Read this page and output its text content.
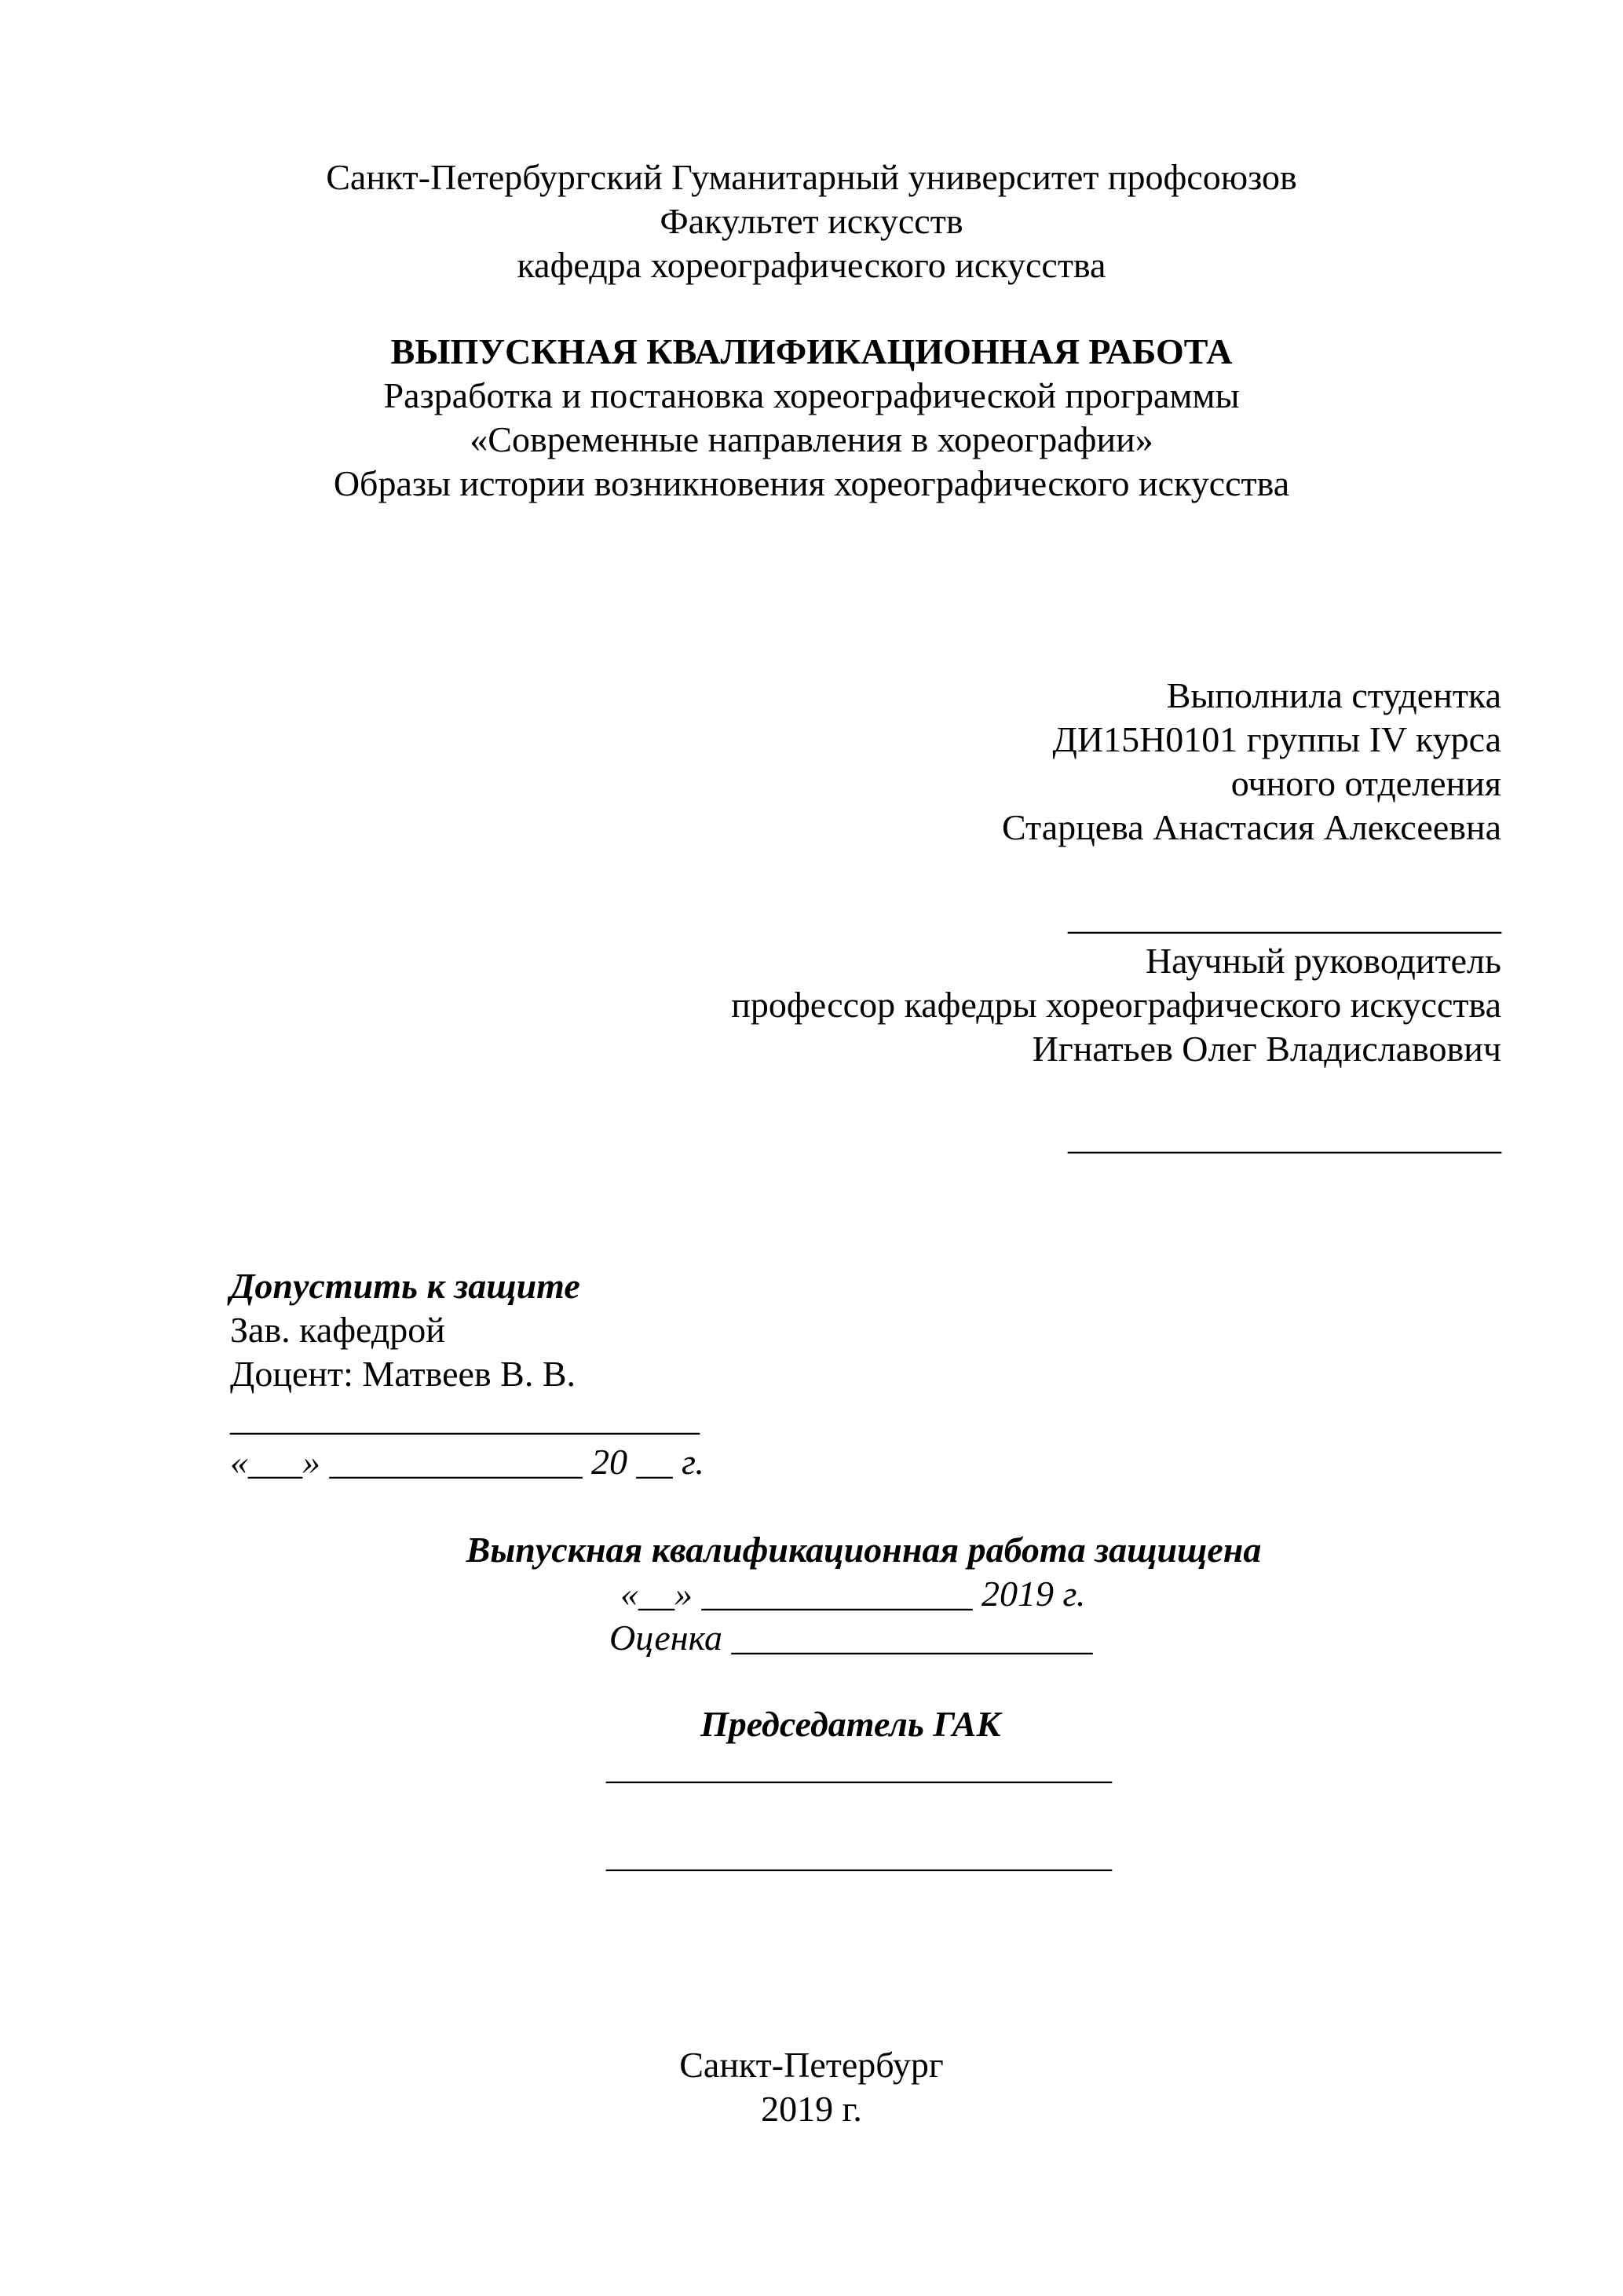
Санкт-Петербургский Гуманитарный университет профсоюзов
Факультет искусств
кафедра хореографического искусства
ВЫПУСКНАЯ КВАЛИФИКАЦИОННАЯ РАБОТА
Разработка и постановка хореографической программы
«Современные направления в хореографии»
Образы истории возникновения хореографического искусства
Выполнила студентка
ДИ15Н0101 группы IV курса
очного отделения
Старцева Анастасия Алексеевна
________________________
Научный руководитель
профессор кафедры хореографического искусства
Игнатьев Олег Владиславович
________________________
Допустить к защите
Зав. кафедрой
Доцент: Матвеев В. В.
__________________________
«___» ______________ 20 __ г.
Выпускная квалификационная работа защищена
«__» _______________ 2019 г.
Оценка ____________________
Председатель ГАК
____________________________
____________________________
Санкт-Петербург
2019 г.
